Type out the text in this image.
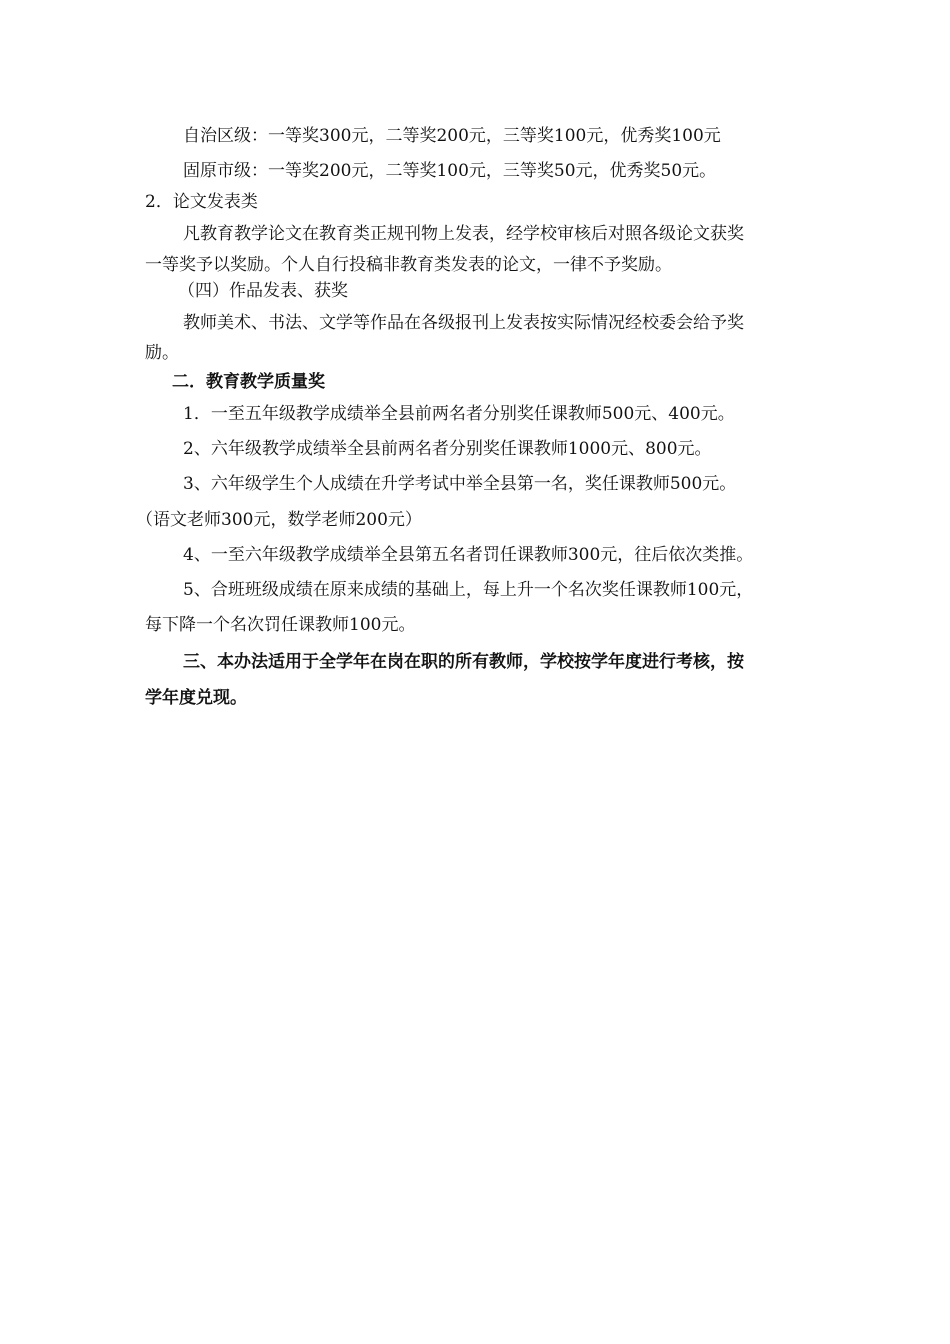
自治区级：一等奖300元，二等奖200元，三等奖100元，优秀奖100元
固原市级：一等奖200元，二等奖100元，三等奖50元，优秀奖50元。
2．论文发表类
凡教育教学论文在教育类正规刊物上发表，经学校审核后对照各级论文获奖
一等奖予以奖励。个人自行投稿非教育类发表的论文，一律不予奖励。
（四）作品发表、获奖
教师美术、书法、文学等作品在各级报刊上发表按实际情况经校委会给予奖
励。
二．教育教学质量奖
1．一至五年级教学成绩举全县前两名者分别奖任课教师500元、400元。
2、六年级教学成绩举全县前两名者分别奖任课教师1000元、800元。
3、六年级学生个人成绩在升学考试中举全县第一名，奖任课教师500元。
（语文老师300元，数学老师200元）
4、一至六年级教学成绩举全县第五名者罚任课教师300元，往后依次类推。
5、合班班级成绩在原来成绩的基础上，每上升一个名次奖任课教师100元，
每下降一个名次罚任课教师100元。
三、本办法适用于全学年在岗在职的所有教师，学校按学年度进行考核，按
学年度兑现。
